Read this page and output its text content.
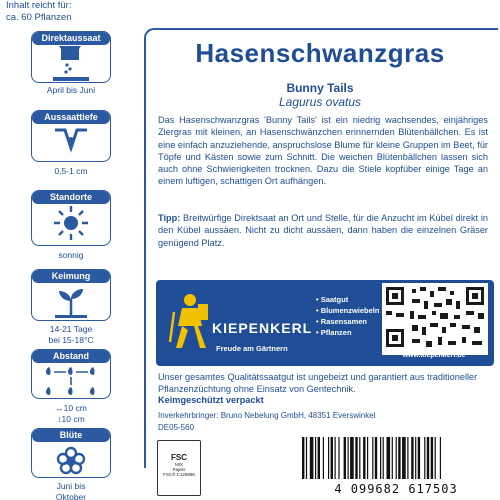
Inhalt reicht für:
ca. 60 Pflanzen
Direktaussaat
April bis Juni
Aussaattiefe
0,5-1 cm
Standorte
sonnig
Keimung
14-21 Tage
bei 15-18°C
Abstand
↔10 cm
↕10 cm
Blüte
Juni bis
Oktober
Hasenschwanzgras
Bunny Tails
Lagurus ovatus
Das Hasenschwanzgras 'Bunny Tails' ist ein niedrig wachsendes, einjähriges Ziergras mit kleinen, an Hasenschwänzchen erinnernden Blütenbällchen. Es ist eine einfach anzuziehende, anspruchslose Blume für kleine Gruppen im Beet, für Töpfe und Kästen sowie zum Schnitt. Die weichen Blütenbällchen lassen sich auch ohne Schwierigkeiten trocknen. Dazu die Stiele kopfüber einige Tage an einem luftigen, schattigen Ort aufhängen.
Tipp: Breitwürfige Direktsaat an Ort und Stelle, für die Anzucht im Kübel direkt in den Kübel aussäen. Nicht zu dicht aussäen, dann haben die einzelnen Gräser genügend Platz.
KIEPENKERL
Freude am Gärtnern
• Saatgut
• Blumenzwiebeln
• Rasensamen
• Pflanzen
www.kiepenkerl.de
Unser gesamtes Qualitätssaatgut ist ungebeizt und garantiert aus traditioneller Pflanzenzüchtung ohne Einsatz von Gentechnik.
Keimgeschützt verpackt
Inverkehrbringer: Bruno Nebelung GmbH, 48351 Everswinkel
DE05-560
FSC
MIX
Papier
FSC® C125896
4 099682 617503
